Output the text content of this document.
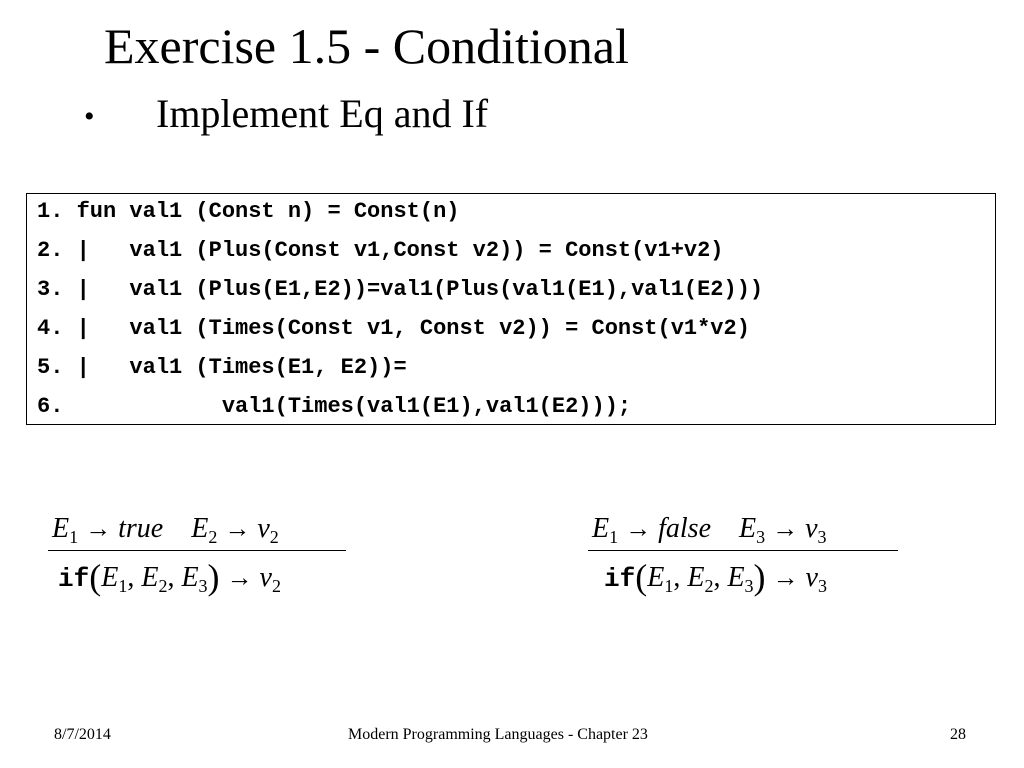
Exercise 1.5 - Conditional
• Implement Eq and If
1. fun val1 (Const n) = Const(n)
2. |   val1 (Plus(Const v1,Const v2)) = Const(v1+v2)
3. |   val1 (Plus(E1,E2))=val1(Plus(val1(E1),val1(E2)))
4. |   val1 (Times(Const v1, Const v2)) = Const(v1*v2)
5. |   val1 (Times(E1, E2))=
6.            val1(Times(val1(E1),val1(E2)));
$E_1$ → true $E_2 \to v_2$
$if(E_1$, $E_2$, $E_3) \to v_2$
$E_1$ → false $E_3 \to v_3$
$if(E_1$, $E_2$, $E_3) \to v_3$
8/7/2014	Modern Programming Languages - Chapter 23	28
